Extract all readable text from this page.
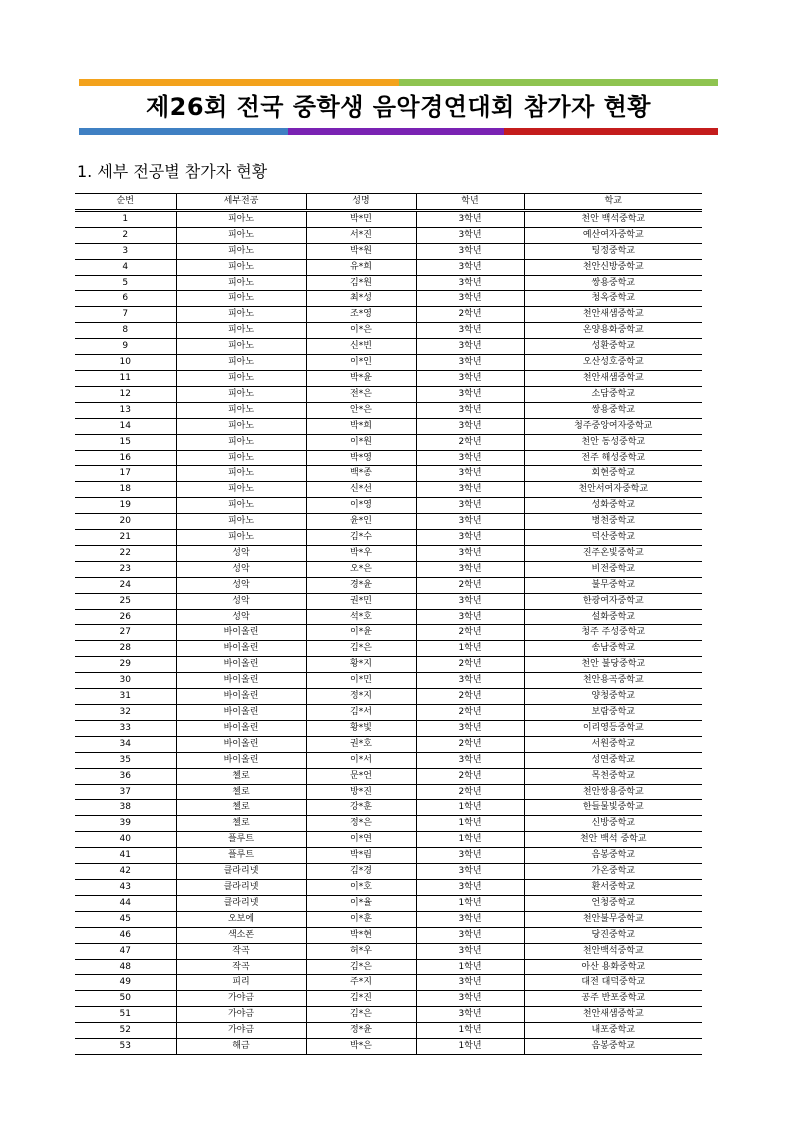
제26회 전국 중학생 음악경연대회 참가자 현황
1. 세부 전공별 참가자 현황
순번	세부전공	성명	학년	학교
1	피아노	박*민	3학년	천안 백석중학교
2	피아노	서*진	3학년	예산여자중학교
3	피아노	박*원	3학년	팅정중학교
4	피아노	유*희	3학년	천안신방중학교
5	피아노	김*원	3학년	쌍용중학교
6	피아노	최*성	3학년	청옥중학교
7	피아노	조*영	2학년	천안새샘중학교
8	피아노	이*은	3학년	온양용화중학교
9	피아노	신*빈	3학년	성환중학교
10	피아노	이*인	3학년	오산성호중학교
11	피아노	박*윤	3학년	천안새샘중학교
12	피아노	전*은	3학년	소담중학교
13	피아노	안*은	3학년	쌍용중학교
14	피아노	박*희	3학년	청주중앙여자중학교
15	피아노	이*원	2학년	천안 동성중학교
16	피아노	박*영	3학년	전주 해성중학교
17	피아노	백*종	3학년	회현중학교
18	피아노	신*선	3학년	천안서여자중학교
19	피아노	이*영	3학년	성화중학교
20	피아노	윤*인	3학년	병천중학교
21	피아노	김*수	3학년	덕산중학교
22	성악	박*우	3학년	진주온빛중학교
23	성악	오*은	3학년	비전중학교
24	성악	경*윤	2학년	불무중학교
25	성악	권*민	3학년	한광여자중학교
26	성악	석*호	3학년	설화중학교
27	바이올린	이*윤	2학년	청주 주성중학교
28	바이올린	김*은	1학년	송남중학교
29	바이올린	황*지	2학년	천안 불당중학교
30	바이올린	이*민	3학년	천안용곡중학교
31	바이올린	정*지	2학년	양청중학교
32	바이올린	김*서	2학년	보람중학교
33	바이올린	황*빛	3학년	이리영등중학교
34	바이올린	권*호	2학년	서원중학교
35	바이올린	이*서	3학년	성연중학교
36	첼로	문*언	2학년	목천중학교
37	첼로	방*진	2학년	천안쌍용중학교
38	첼로	강*훈	1학년	한들물빛중학교
39	첼로	정*은	1학년	신방중학교
40	플루트	이*연	1학년	천안 백석 중학교
41	플루트	박*림	3학년	음봉중학교
42	클라리넷	김*경	3학년	가온중학교
43	클라리넷	이*호	3학년	환서중학교
44	클라리넷	이*율	1학년	언청중학교
45	오보에	이*훈	3학년	천안불무중학교
46	색소폰	박*현	3학년	당진중학교
47	작곡	허*우	3학년	천안백석중학교
48	작곡	김*은	1학년	아산 용화중학교
49	피리	주*지	3학년	대전 대덕중학교
50	가야금	김*진	3학년	공주 반포중학교
51	가야금	김*은	3학년	천안새샘중학교
52	가야금	정*윤	1학년	내포중학교
53	해금	박*은	1학년	음봉중학교
